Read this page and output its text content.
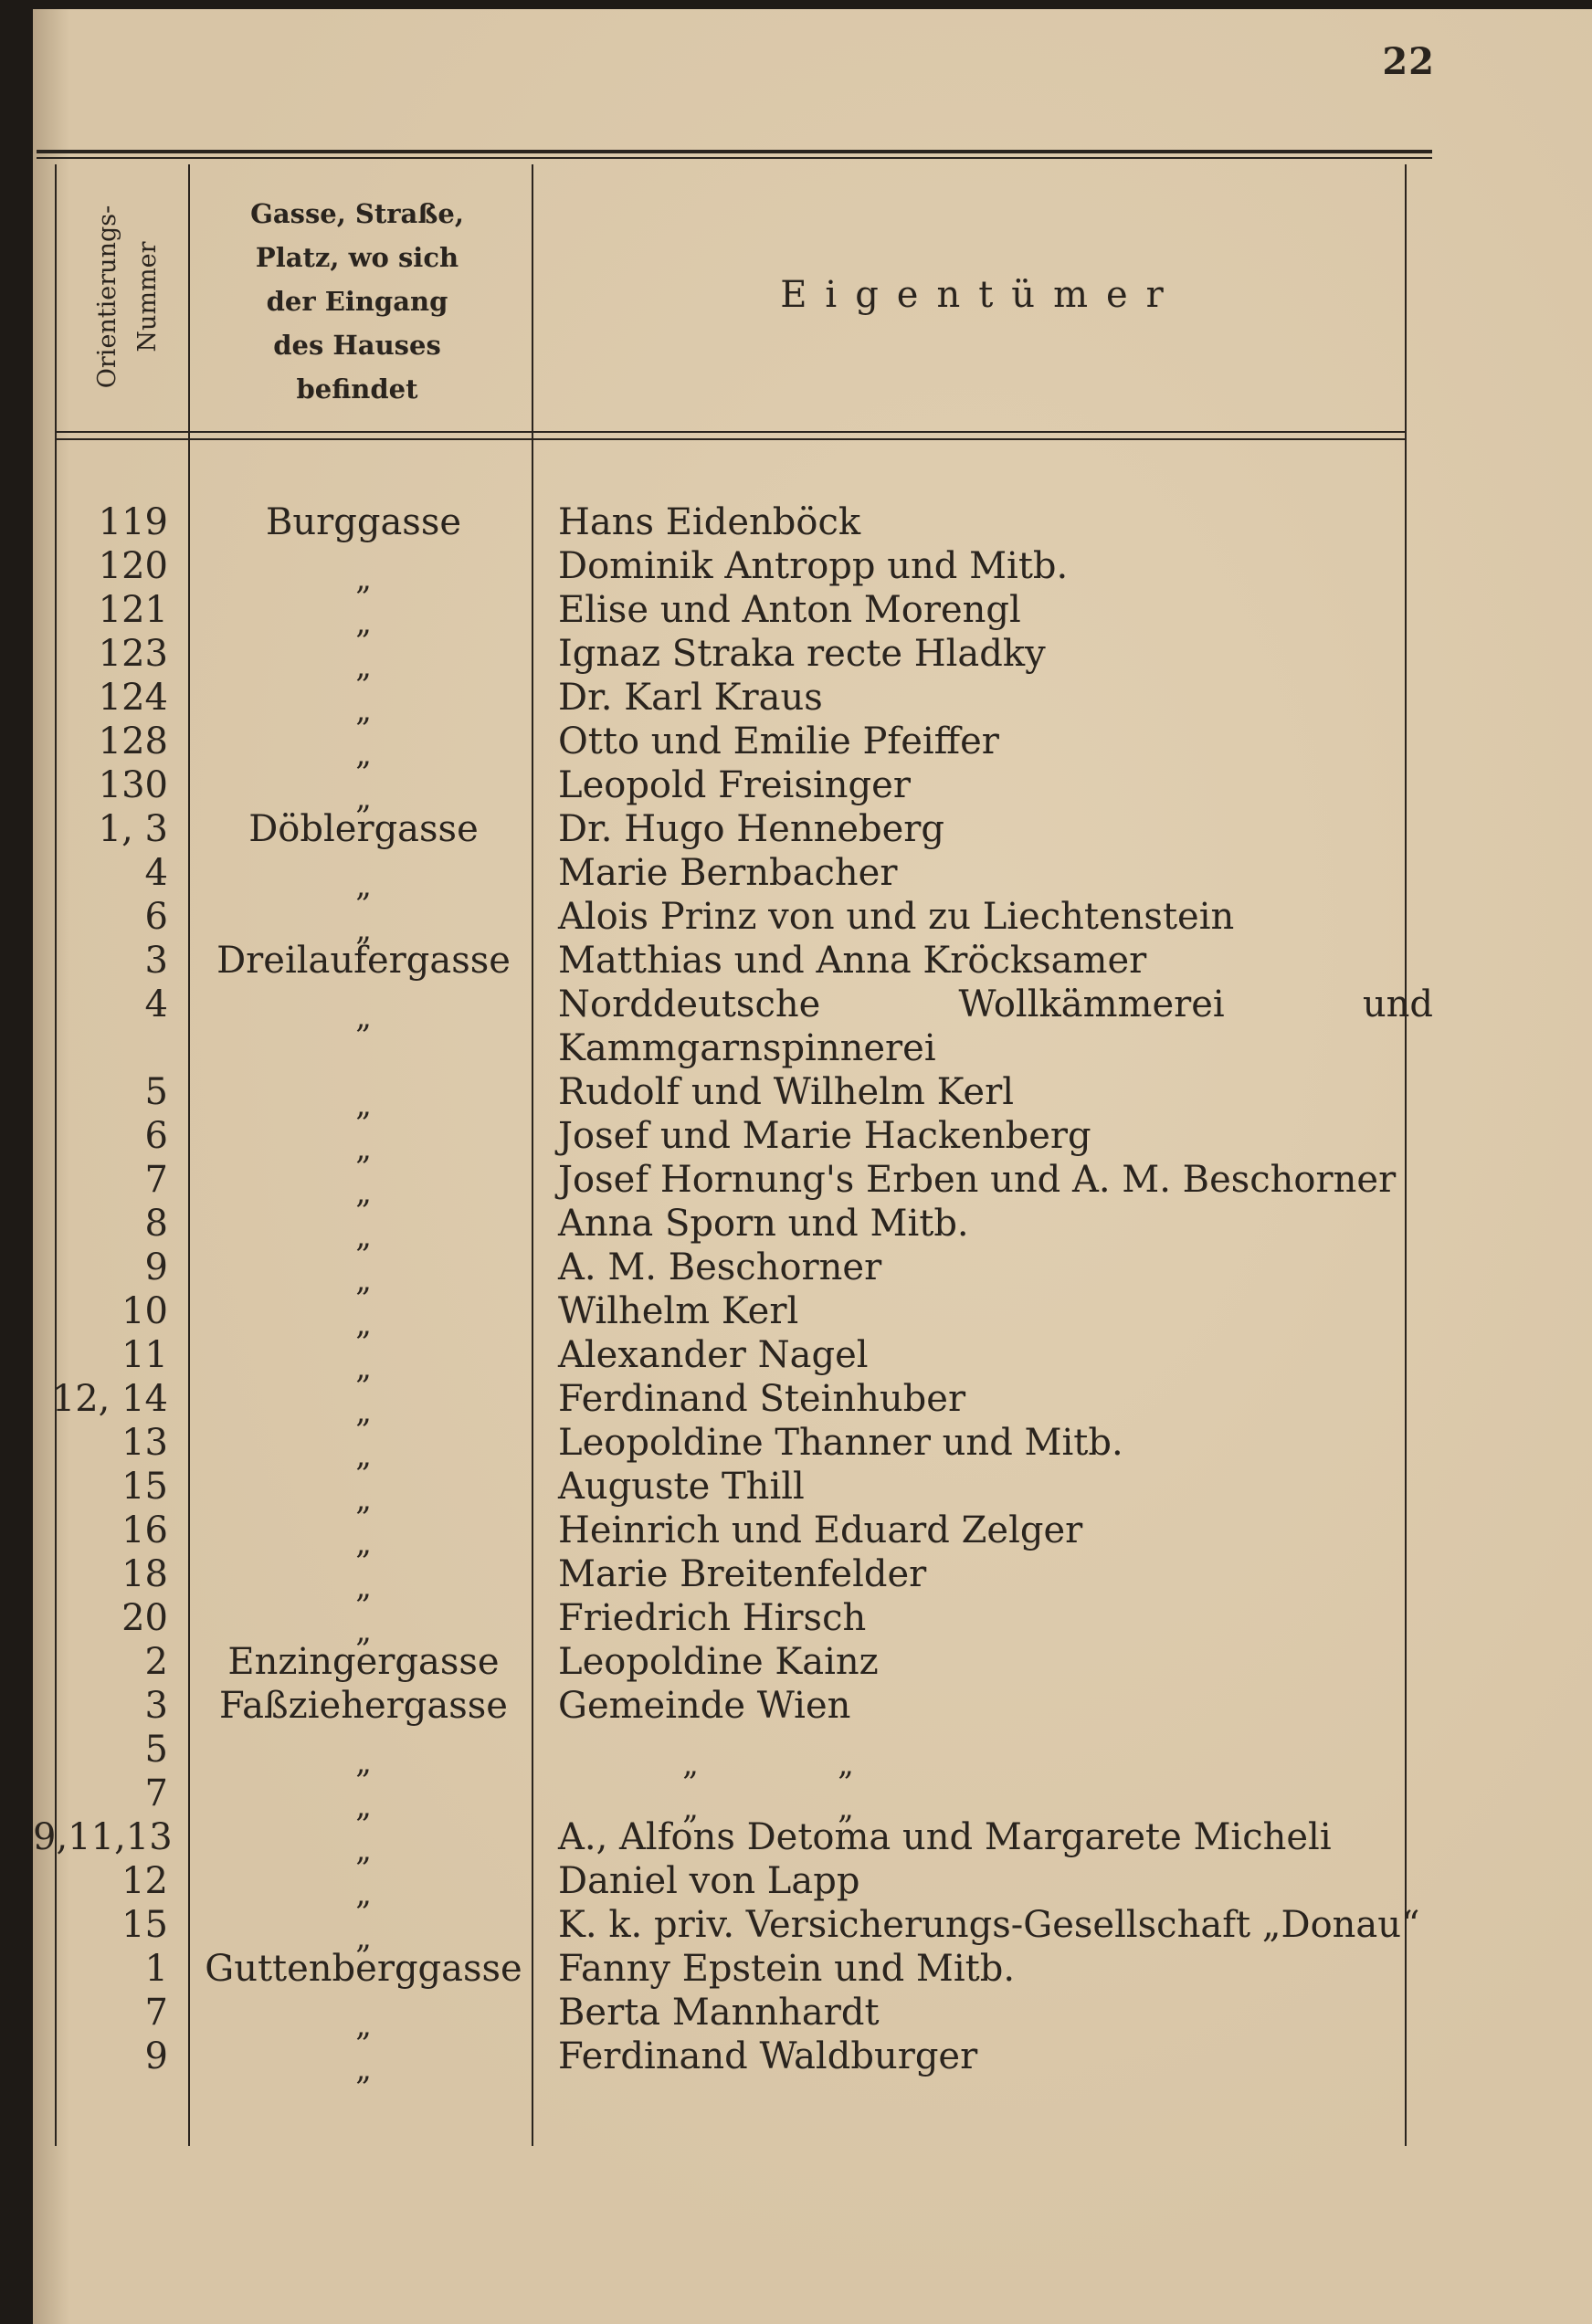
22
Orientierungs- Nummer
Gasse, Straße,
Platz, wo sich
der Eingang
des Hauses
befindet
Eigentümer
119	Burggasse	Hans Eidenböck
120	„	Dominik Antropp und Mitb.
121	„	Elise und Anton Morengl
123	„	Ignaz Straka recte Hladky
124	„	Dr. Karl Kraus
128	„	Otto und Emilie Pfeiffer
130	„	Leopold Freisinger
1, 3	Döblergasse	Dr. Hugo Henneberg
4	„	Marie Bernbacher
6	„	Alois Prinz von und zu Liechtenstein
3	Dreilaufergasse	Matthias und Anna Kröcksamer
4	„	Norddeutsche Wollkämmerei und Kammgarnspinnerei
5	„	Rudolf und Wilhelm Kerl
6	„	Josef und Marie Hackenberg
7	„	Josef Hornung's Erben und A. M. Beschorner
8	„	Anna Sporn und Mitb.
9	„	A. M. Beschorner
10	„	Wilhelm Kerl
11	„	Alexander Nagel
12, 14	„	Ferdinand Steinhuber
13	„	Leopoldine Thanner und Mitb.
15	„	Auguste Thill
16	„	Heinrich und Eduard Zelger
18	„	Marie Breitenfelder
20	„	Friedrich Hirsch
2	Enzingergasse	Leopoldine Kainz
3	Faßziehergasse	Gemeinde Wien
5	„	„	„
7	„	„	„
9,11,13	„	A., Alfons Detoma und Margarete Micheli
12	„	Daniel von Lapp
15	„	K. k. priv. Versicherungs-Gesellschaft „Donau“
1 Guttenberggasse Fanny Epstein und Mitb.
7	„	Berta Mannhardt
9	„	Ferdinand Waldburger
